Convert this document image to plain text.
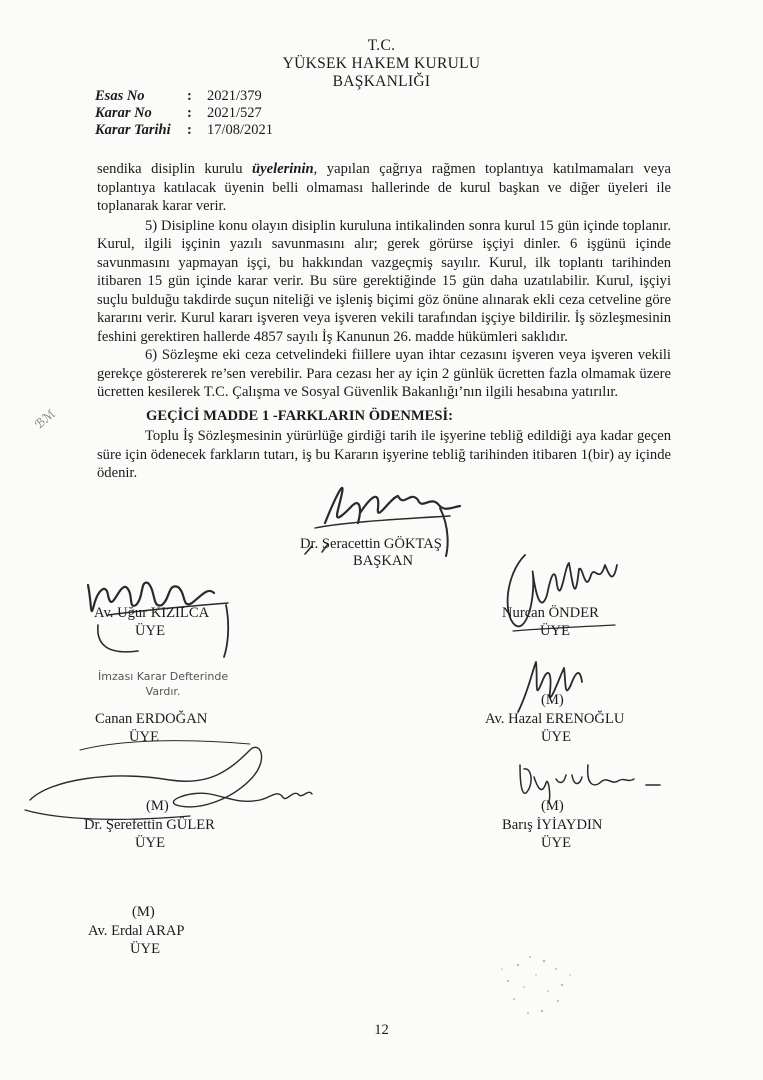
T.C.
YÜKSEK HAKEM KURULU
BAŞKANLIĞI
Esas No	:	2021/379
Karar No	:	2021/527
Karar Tarihi	:	17/08/2021

sendika disiplin kurulu üyelerinin, yapılan çağrıya rağmen toplantıya katılmamaları veya toplantıya katılacak üyenin belli olmaması hallerinde de kurul başkan ve diğer üyeleri ile toplanarak karar verir.

5) Disipline konu olayın disiplin kuruluna intikalinden sonra kurul 15 gün içinde toplanır. Kurul, ilgili işçinin yazılı savunmasını alır; gerek görürse işçiyi dinler. 6 işgünü içinde savunmasını yapmayan işçi, bu hakkından vazgeçmiş sayılır. Kurul, ilk toplantı tarihinden itibaren 15 gün içinde karar verir. Bu süre gerektiğinde 15 gün daha uzatılabilir. Kurul, işçiyi suçlu bulduğu takdirde suçun niteliği ve işleniş biçimi göz önüne alınarak ekli ceza cetveline göre kararını verir. Kurul kararı işveren veya işveren vekili tarafından işçiye bildirilir. İş sözleşmesinin feshini gerektiren hallerde 4857 sayılı İş Kanunun 26. madde hükümleri saklıdır.

6) Sözleşme eki ceza cetvelindeki fiillere uyan ihtar cezasını işveren veya işveren vekili gerekçe göstererek re’sen verebilir. Para cezası her ay için 2 günlük ücretten fazla olmamak üzere ücretten kesilerek T.C. Çalışma ve Sosyal Güvenlik Bakanlığı’nın ilgili hesabına yatırılır.

GEÇİCİ MADDE 1 -FARKLARIN ÖDENMESİ:

Toplu İş Sözleşmesinin yürürlüğe girdiği tarih ile işyerine tebliğ edildiği aya kadar geçen süre için ödenecek farkların tutarı, iş bu Kararın işyerine tebliğ tarihinden itibaren 1(bir) ay içinde ödenir.

ℬℳ
Dr. Seracettin GÖKTAŞ
BAŞKAN
Av. Uğur KIZILCA
ÜYE
Nurcan ÖNDER
ÜYE
İmzası Karar Defterinde
Vardır.
Canan ERDOĞAN
ÜYE
(M)
Av. Hazal ERENOĞLU
ÜYE
(M)
Dr. Şerefettin GÜLER
ÜYE
(M)
Barış İYİAYDIN
ÜYE
(M)
Av. Erdal ARAP
ÜYE
12
